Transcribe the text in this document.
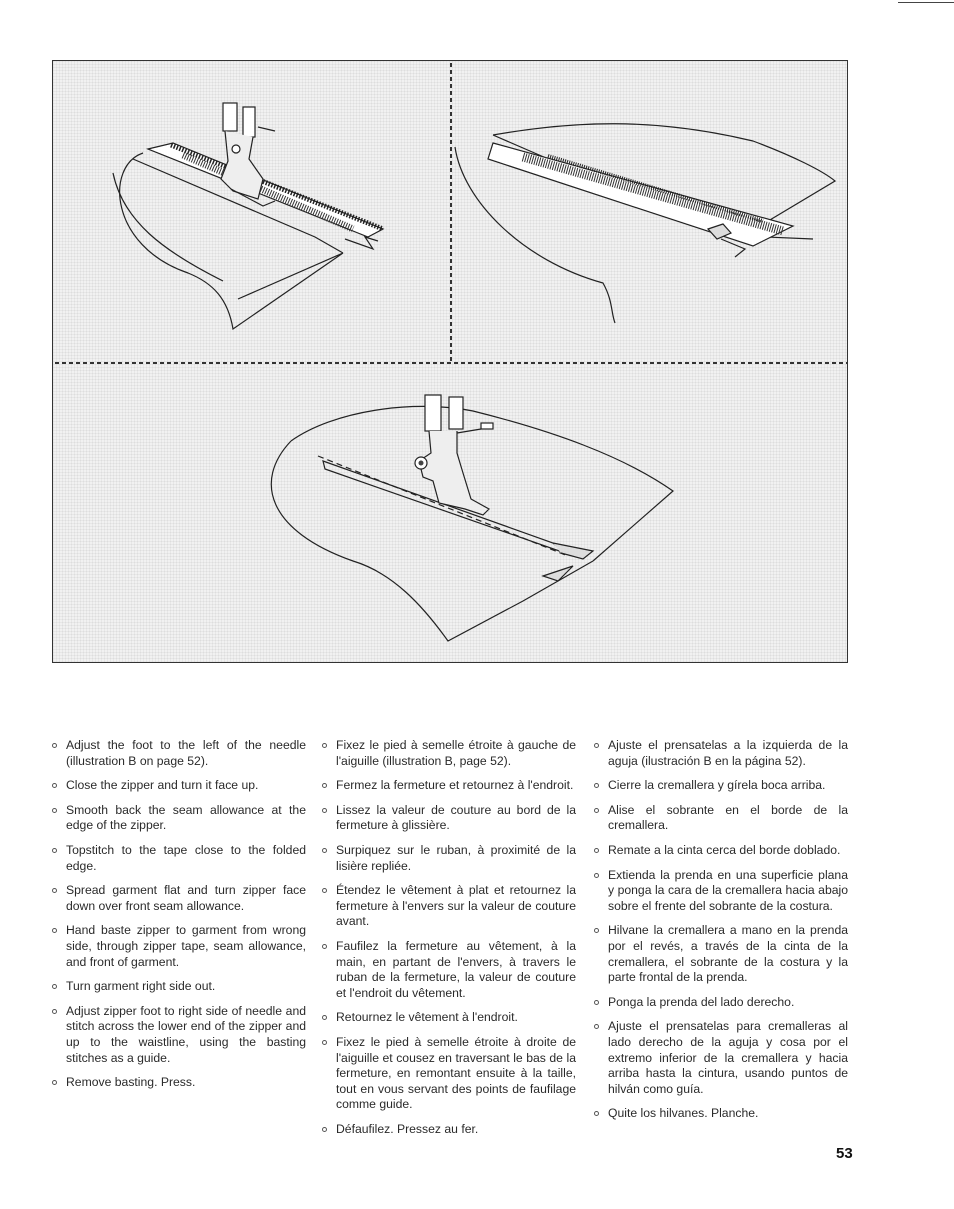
Adjust the foot to the left of the needle (illustration B on page 52).
Close the zipper and turn it face up.
Smooth back the seam allowance at the edge of the zipper.
Topstitch to the tape close to the folded edge.
Spread garment flat and turn zipper face down over front seam allowance.
Hand baste zipper to garment from wrong side, through zipper tape, seam allowance, and front of garment.
Turn garment right side out.
Adjust zipper foot to right side of needle and stitch across the lower end of the zipper and up to the waistline, using the basting stitches as a guide.
Remove basting. Press.
Fixez le pied à semelle étroite à gauche de l'aiguille (illustration B, page 52).
Fermez la fermeture et retournez à l'endroit.
Lissez la valeur de couture au bord de la fermeture à glissière.
Surpiquez sur le ruban, à proximité de la lisière repliée.
Étendez le vêtement à plat et retournez la fermeture à l'envers sur la valeur de couture avant.
Faufilez la fermeture au vêtement, à la main, en partant de l'envers, à travers le ruban de la fermeture, la valeur de couture et l'endroit du vêtement.
Retournez le vêtement à l'endroit.
Fixez le pied à semelle étroite à droite de l'aiguille et cousez en traversant le bas de la fermeture, en remontant ensuite à la taille, tout en vous servant des points de faufilage comme guide.
Défaufilez. Pressez au fer.
Ajuste el prensatelas a la izquierda de la aguja (ilustración B en la página 52).
Cierre la cremallera y gírela boca arriba.
Alise el sobrante en el borde de la cremallera.
Remate a la cinta cerca del borde doblado.
Extienda la prenda en una superficie plana y ponga la cara de la cremallera hacia abajo sobre el frente del sobrante de la costura.
Hilvane la cremallera a mano en la prenda por el revés, a través de la cinta de la cremallera, el sobrante de la costura y la parte frontal de la prenda.
Ponga la prenda del lado derecho.
Ajuste el prensatelas para cremalleras al lado derecho de la aguja y cosa por el extremo inferior de la cremallera y hacia arriba hasta la cintura, usando puntos de hilván como guía.
Quite los hilvanes. Planche.
53
